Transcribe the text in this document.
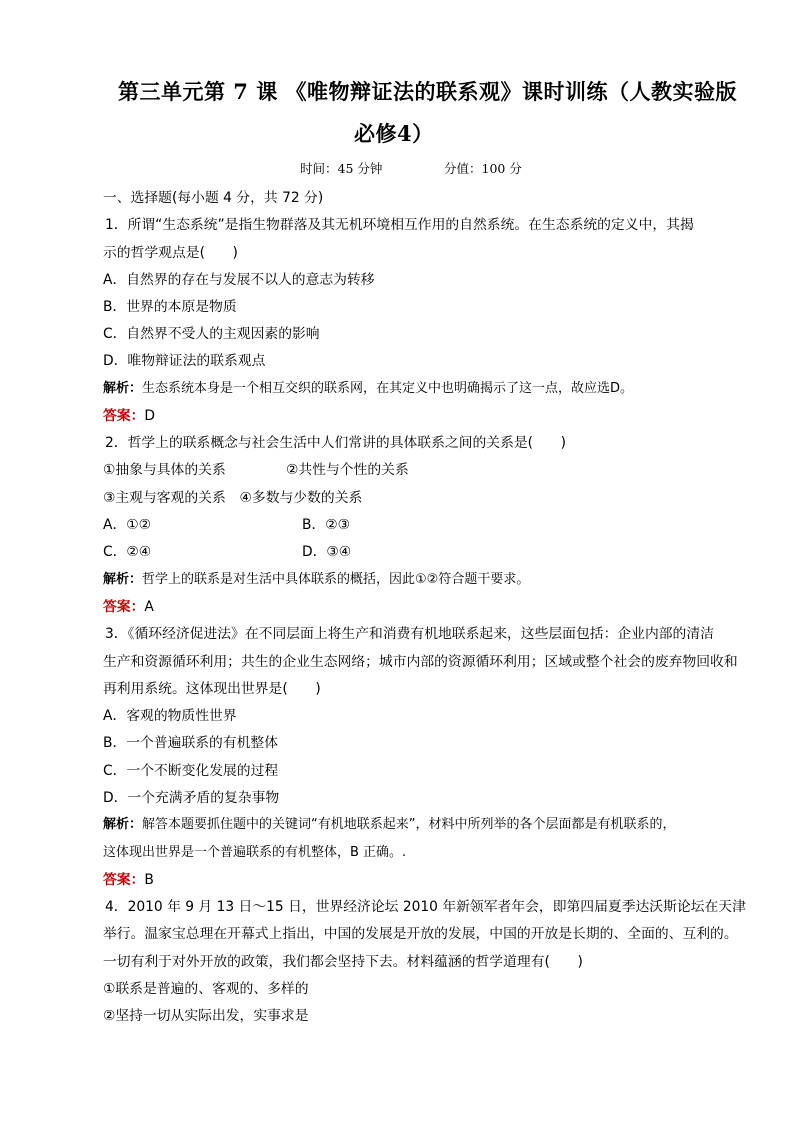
第三单元第 7 课 《唯物辩证法的联系观》课时训练（人教实验版
必修4）
时间：45 分钟	分值：100 分
一、选择题(每小题 4 分，共 72 分)
1．所谓“生态系统”是指生物群落及其无机环境相互作用的自然系统。在生态系统的定义中，其揭
示的哲学观点是(　　)
A．自然界的存在与发展不以人的意志为转移
B．世界的本原是物质
C．自然界不受人的主观因素的影响
D．唯物辩证法的联系观点
解析：生态系统本身是一个相互交织的联系网，在其定义中也明确揭示了这一点，故应选D。
答案：D
2．哲学上的联系概念与社会生活中人们常讲的具体联系之间的关系是(　　)
①抽象与具体的关系	②共性与个性的关系
③主观与客观的关系　④多数与少数的关系
A．①②	B．②③
C．②④	D．③④
解析：哲学上的联系是对生活中具体联系的概括，因此①②符合题干要求。
答案：A
3．《循环经济促进法》在不同层面上将生产和消费有机地联系起来，这些层面包括：企业内部的清洁
生产和资源循环利用；共生的企业生态网络；城市内部的资源循环利用；区域或整个社会的废弃物回收和
再利用系统。这体现出世界是(　　)
A．客观的物质性世界
B．一个普遍联系的有机整体
C．一个不断变化发展的过程
D．一个充满矛盾的复杂事物
解析：解答本题要抓住题中的关键词“有机地联系起来”，材料中所列举的各个层面都是有机联系的，
这体现出世界是一个普遍联系的有机整体，B 正确。.
答案：B
4．2010 年 9 月 13 日～15 日，世界经济论坛 2010 年新领军者年会，即第四届夏季达沃斯论坛在天津
举行。温家宝总理在开幕式上指出，中国的发展是开放的发展，中国的开放是长期的、全面的、互利的。
一切有利于对外开放的政策，我们都会坚持下去。材料蕴涵的哲学道理有(　　)
①联系是普遍的、客观的、多样的
②坚持一切从实际出发，实事求是
